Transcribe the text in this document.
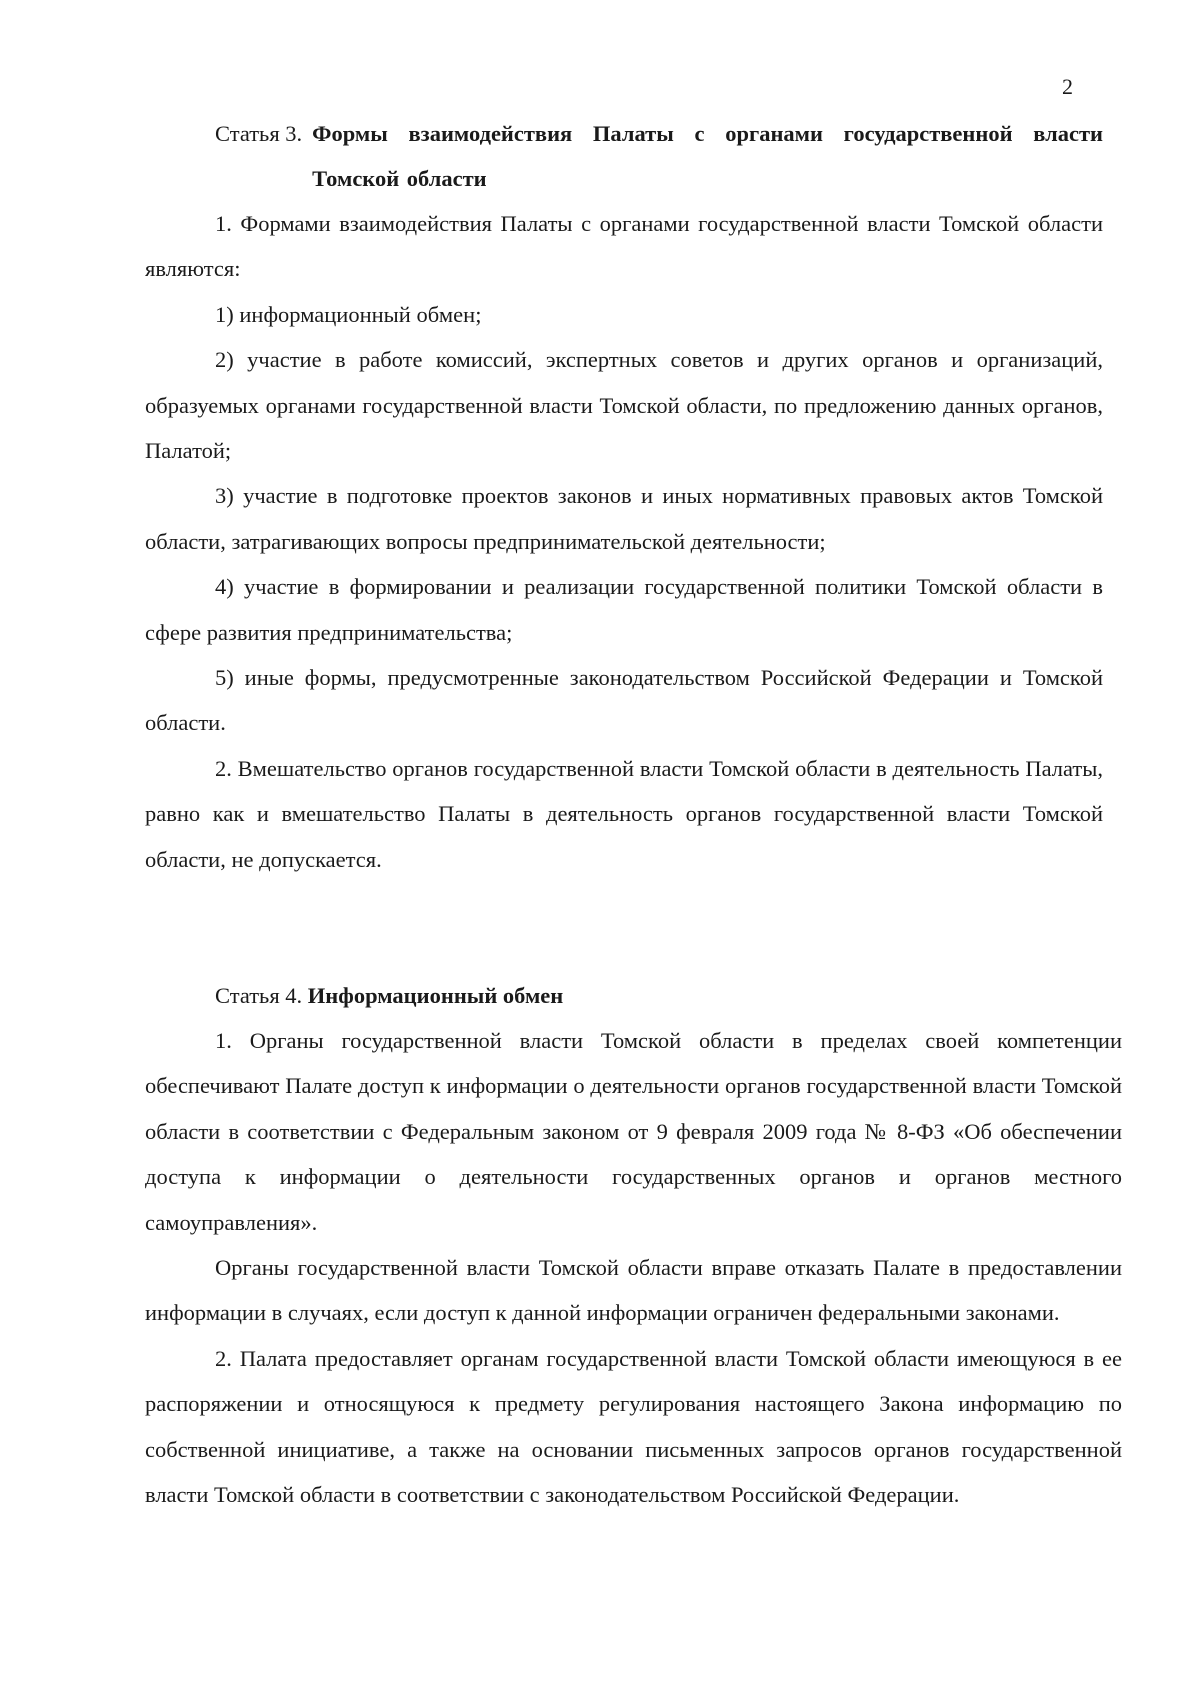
2
Статья 3. Формы взаимодействия Палаты с органами государственной власти Томской области

1. Формами взаимодействия Палаты с органами государственной власти Томской области являются:

1) информационный обмен;

2) участие в работе комиссий, экспертных советов и других органов и организаций, образуемых органами государственной власти Томской области, по предложению данных органов, Палатой;

3) участие в подготовке проектов законов и иных нормативных правовых актов Томской области, затрагивающих вопросы предпринимательской деятельности;

4) участие в формировании и реализации государственной политики Томской области в сфере развития предпринимательства;

5) иные формы, предусмотренные законодательством Российской Федерации и Томской области.

2. Вмешательство органов государственной власти Томской области в деятельность Палаты, равно как и вмешательство Палаты в деятельность органов государственной власти Томской области, не допускается.

Статья 4. Информационный обмен

1. Органы государственной власти Томской области в пределах своей компетенции обеспечивают Палате доступ к информации о деятельности органов государственной власти Томской области в соответствии с Федеральным законом от 9 февраля 2009 года № 8-ФЗ «Об обеспечении доступа к информации о деятельности государственных органов и органов местного самоуправления».

Органы государственной власти Томской области вправе отказать Палате в предоставлении информации в случаях, если доступ к данной информации ограничен федеральными законами.

2. Палата предоставляет органам государственной власти Томской области имеющуюся в ее распоряжении и относящуюся к предмету регулирования настоящего Закона информацию по собственной инициативе, а также на основании письменных запросов органов государственной власти Томской области в соответствии с законодательством Российской Федерации.
